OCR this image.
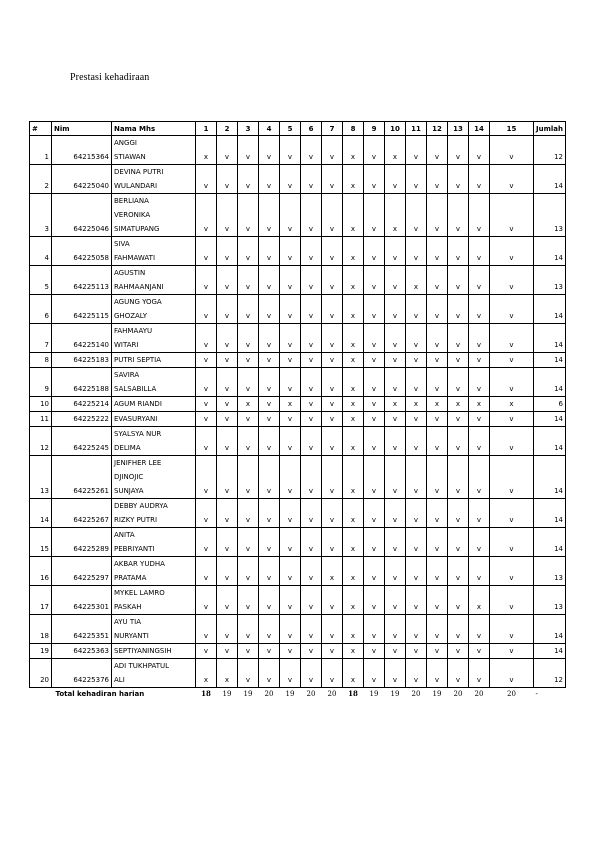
Prestasi kehadiraan
#	Nim	Nama Mhs	1	2	3	4	5	6	7	8	9	10	11	12	13	14	15	Jumlah
1	64215364	ANGGI
STIAWAN	x	v	v	v	v	v	v	x	v	x	v	v	v	v	v	12
2	64225040	DEVINA PUTRI
WULANDARI	v	v	v	v	v	v	v	x	v	v	v	v	v	v	v	14
3	64225046	BERLIANA
VERONIKA
SIMATUPANG	v	v	v	v	v	v	v	x	v	x	v	v	v	v	v	13
4	64225058	SIVA
FAHMAWATI	v	v	v	v	v	v	v	x	v	v	v	v	v	v	v	14
5	64225113	AGUSTIN
RAHMAANJANI	v	v	v	v	v	v	v	x	v	v	x	v	v	v	v	13
6	64225115	AGUNG YOGA
GHOZALY	v	v	v	v	v	v	v	x	v	v	v	v	v	v	v	14
7	64225140	FAHMAAYU
WITARI	v	v	v	v	v	v	v	x	v	v	v	v	v	v	v	14
8	64225183	PUTRI SEPTIA	v	v	v	v	v	v	v	x	v	v	v	v	v	v	v	14
9	64225188	SAVIRA
SALSABILLA	v	v	v	v	v	v	v	x	v	v	v	v	v	v	v	14
10	64225214	AGUM RIANDI	v	v	x	v	x	v	v	x	v	x	x	x	x	x	x	6
11	64225222	EVASURYANI	v	v	v	v	v	v	v	x	v	v	v	v	v	v	v	14
12	64225245	SYALSYA NUR
DELIMA	v	v	v	v	v	v	v	x	v	v	v	v	v	v	v	14
13	64225261	JENIFHER LEE
DJINOJIC
SUNJAYA	v	v	v	v	v	v	v	x	v	v	v	v	v	v	v	14
14	64225267	DEBBY AUDRYA
RIZKY PUTRI	v	v	v	v	v	v	v	x	v	v	v	v	v	v	v	14
15	64225289	ANITA
PEBRIYANTI	v	v	v	v	v	v	v	x	v	v	v	v	v	v	v	14
16	64225297	AKBAR YUDHA
PRATAMA	v	v	v	v	v	v	x	x	v	v	v	v	v	v	v	13
17	64225301	MYKEL LAMRO
PASKAH	v	v	v	v	v	v	v	x	v	v	v	v	v	x	v	13
18	64225351	AYU TIA
NURYANTI	v	v	v	v	v	v	v	x	v	v	v	v	v	v	v	14
19	64225363	SEPTIYANINGSIH	v	v	v	v	v	v	v	x	v	v	v	v	v	v	v	14
20	64225376	ADI TUKHPATUL
ALI	x	x	v	v	v	v	v	x	v	v	v	v	v	v	v	12
	Total kehadiran harian		18	19	19	20	19	20	20	18	19	19	20	19	20	20	20	-
